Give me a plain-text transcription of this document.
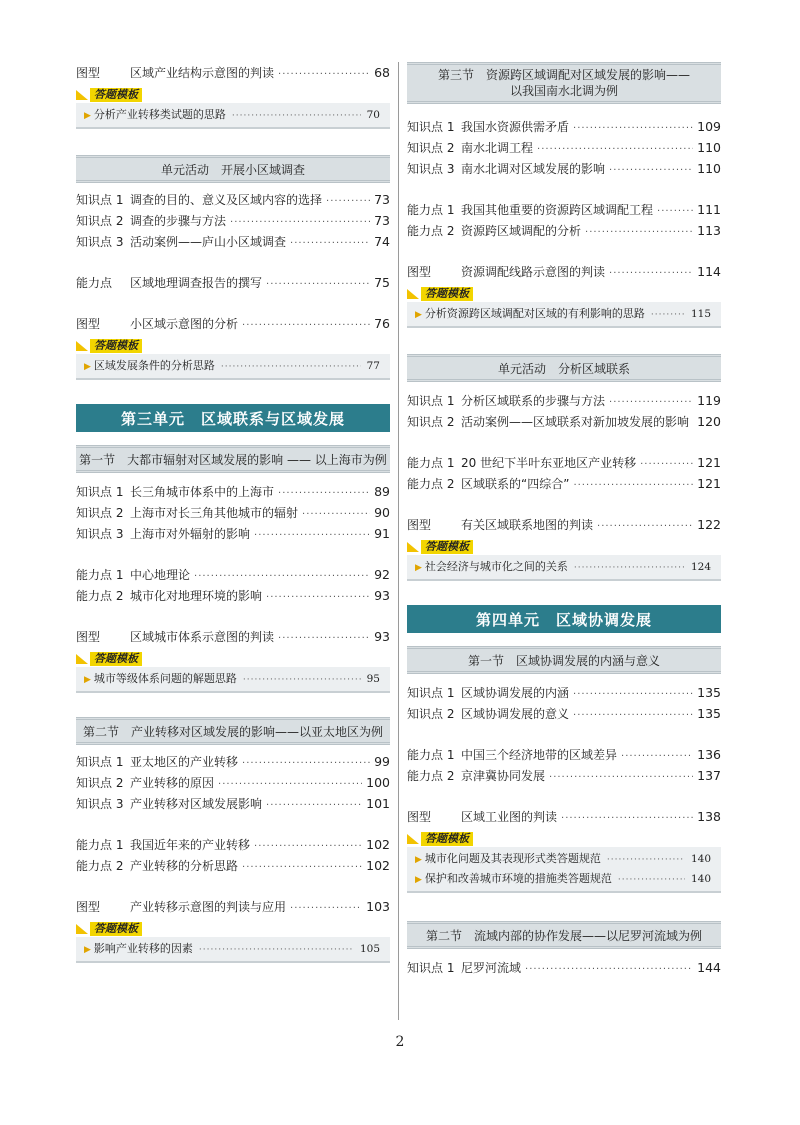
图型	区域产业结构示意图的判读 ·····	68
答题模板
▶ 分析产业转移类试题的思路 ·····	70
单元活动　开展小区域调查
知识点 1 调查的目的、意义及区域内容的选择 ·····	73
知识点 2 调查的步骤与方法 ·····	73
知识点 3 活动案例——庐山小区域调查 ·····	74
能力点	区域地理调查报告的撰写 ·····	75
图型	小区域示意图的分析 ·····	76
答题模板
▶ 区域发展条件的分析思路 ·····	77
第三单元　区域联系与区域发展
第一节　大都市辐射对区域发展的影响 —— 以上海市为例
知识点 1 长三角城市体系中的上海市 ·····	89
知识点 2 上海市对长三角其他城市的辐射 ·····	90
知识点 3 上海市对外辐射的影响 ·····	91
能力点 1 中心地理论 ·····	92
能力点 2 城市化对地理环境的影响 ·····	93
图型	区域城市体系示意图的判读 ·····	93
答题模板
▶ 城市等级体系问题的解题思路 ·····	95
第二节　产业转移对区域发展的影响——以亚太地区为例
知识点 1 亚太地区的产业转移 ·····	99
知识点 2 产业转移的原因 ·····	100
知识点 3 产业转移对区域发展影响 ·····	101
能力点 1 我国近年来的产业转移 ·····	102
能力点 2 产业转移的分析思路 ·····	102
图型	产业转移示意图的判读与应用 ·····	103
答题模板
▶ 影响产业转移的因素 ·····	105
第三节　资源跨区域调配对区域发展的影响——
以我国南水北调为例
知识点 1 我国水资源供需矛盾 ·····	109
知识点 2 南水北调工程 ·····	110
知识点 3 南水北调对区域发展的影响 ·····	110
能力点 1 我国其他重要的资源跨区域调配工程 ·····	111
能力点 2 资源跨区域调配的分析 ·····	113
图型	资源调配线路示意图的判读 ·····	114
答题模板
▶ 分析资源跨区域调配对区域的有利影响的思路 ·····	115
单元活动　分析区域联系
知识点 1 分析区域联系的步骤与方法 ·····	119
知识点 2 活动案例——区域联系对新加坡发展的影响 ····· 120
能力点 1 20 世纪下半叶东亚地区产业转移 ·····	121
能力点 2 区域联系的“四综合” ·····	121
图型	有关区域联系地图的判读 ·····	122
答题模板
▶ 社会经济与城市化之间的关系 ·····	124
第四单元　区域协调发展
第一节　区域协调发展的内涵与意义
知识点 1 区域协调发展的内涵 ·····	135
知识点 2 区域协调发展的意义 ·····	135
能力点 1 中国三个经济地带的区域差异 ·····	136
能力点 2 京津冀协同发展 ·····	137
图型	区域工业图的判读 ·····	138
答题模板
▶ 城市化问题及其表现形式类答题规范 ·····	140
▶ 保护和改善城市环境的措施类答题规范 ·····	140
第二节　流域内部的协作发展——以尼罗河流域为例
知识点 1 尼罗河流域 ·····	144
2
